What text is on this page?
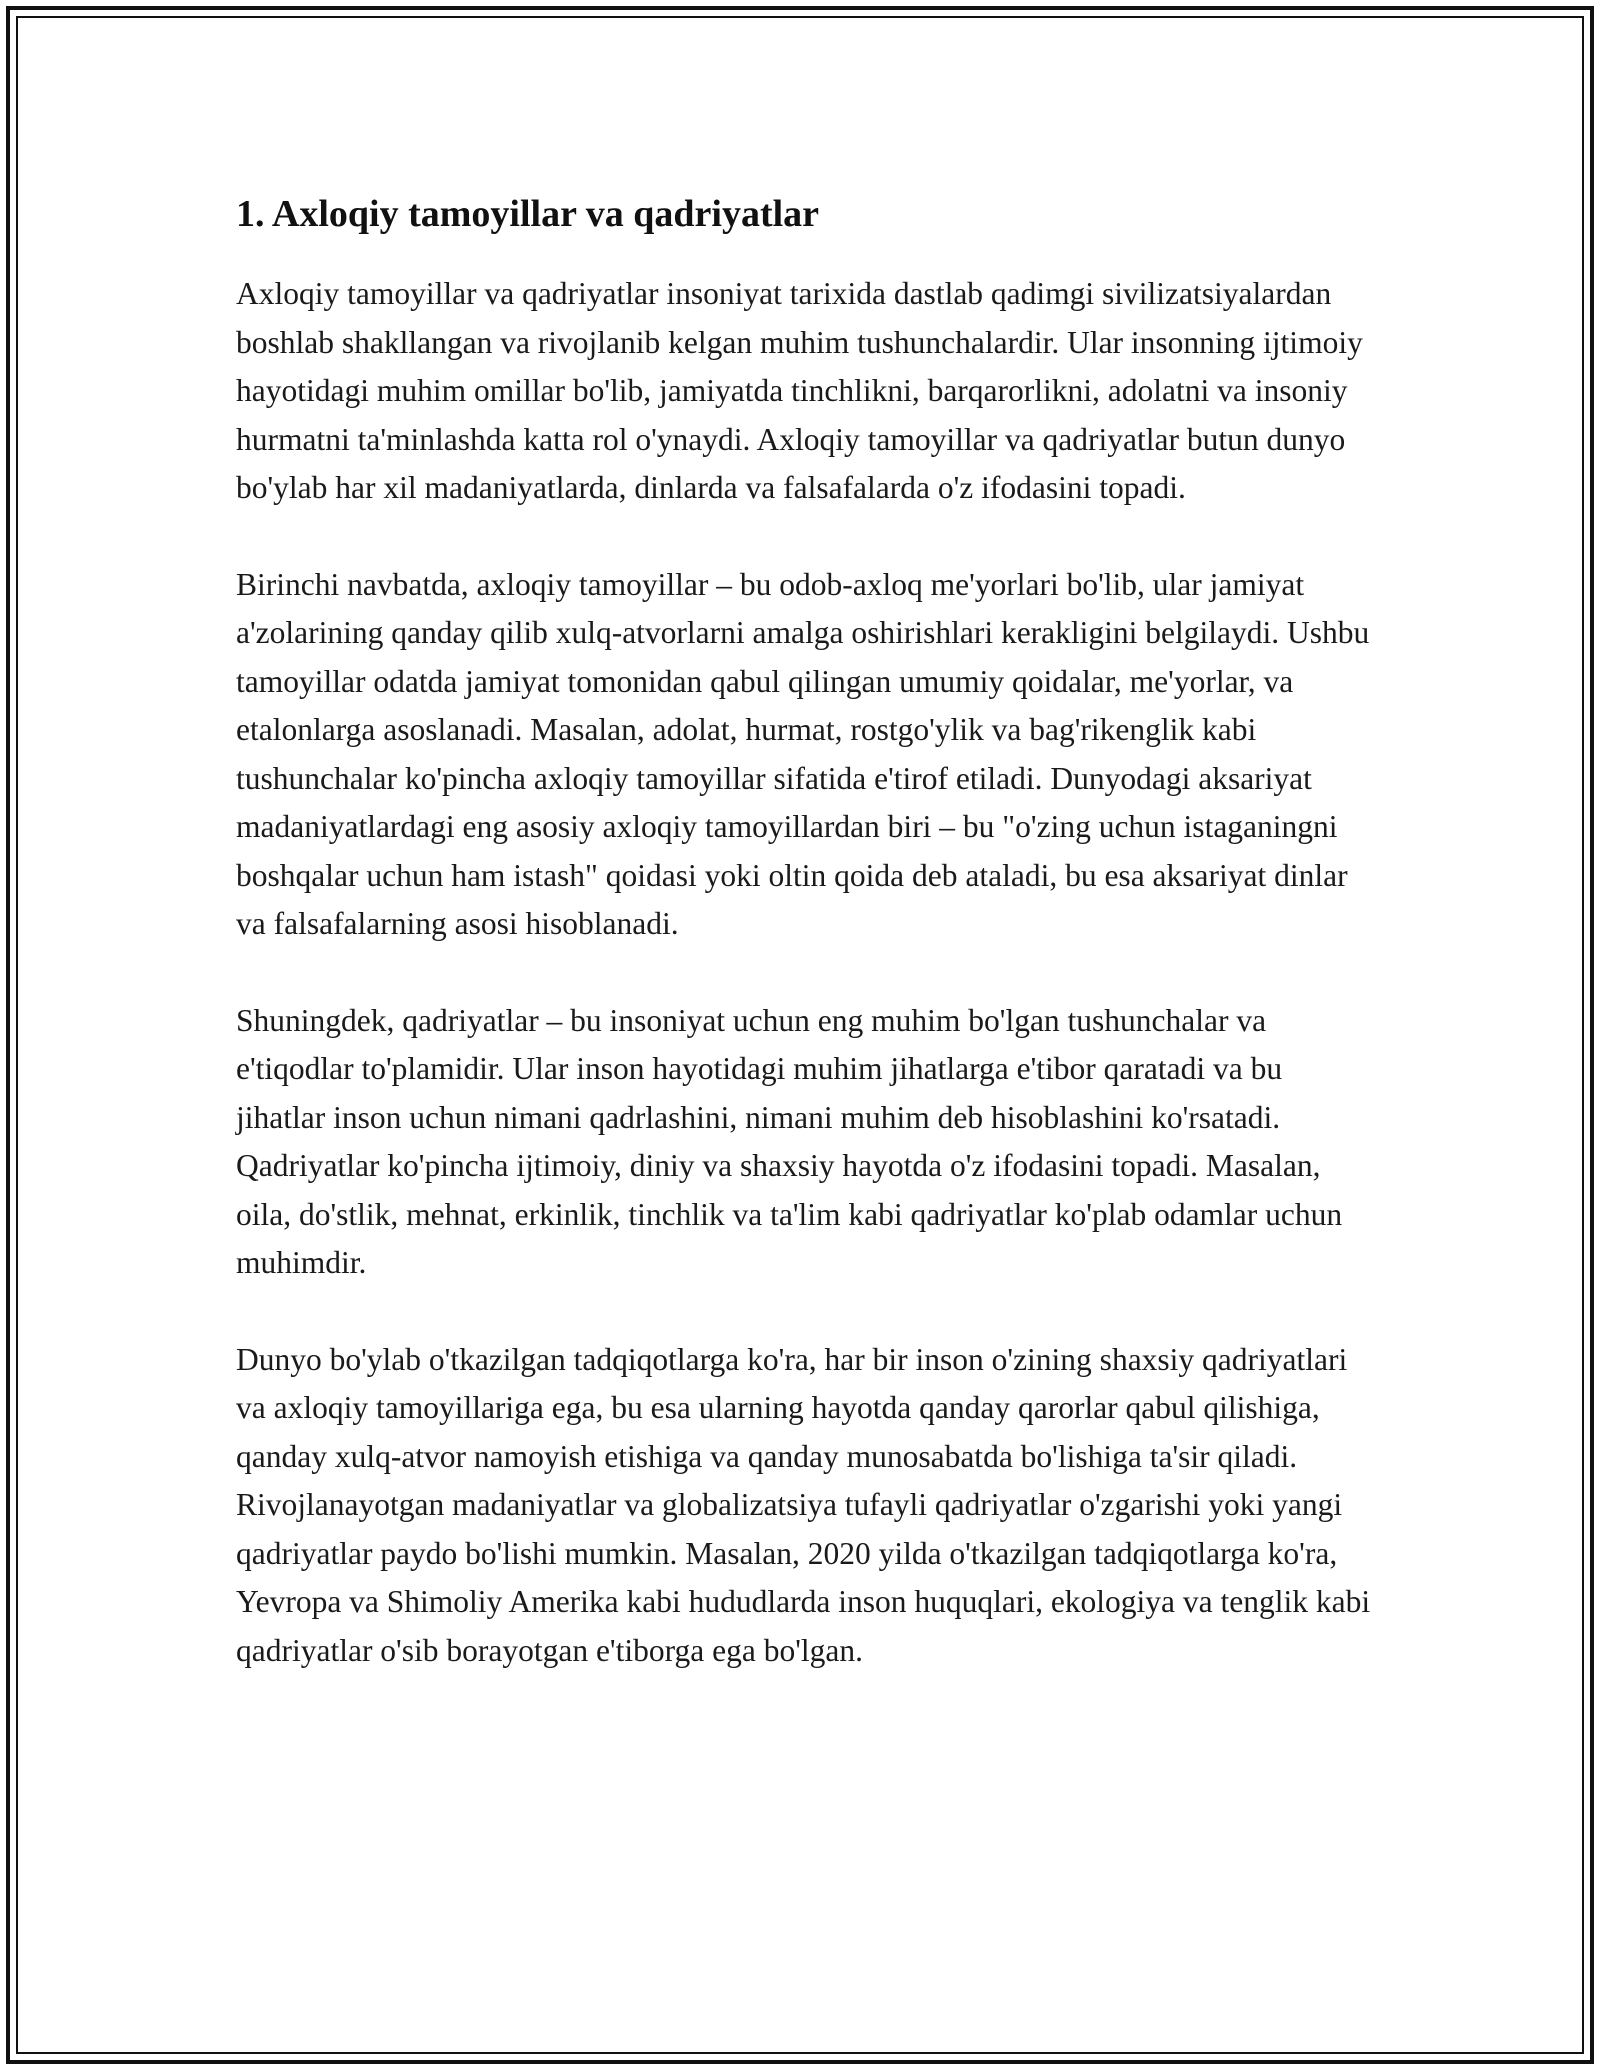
1. Axloqiy tamoyillar va qadriyatlar

Axloqiy tamoyillar va qadriyatlar insoniyat tarixida dastlab qadimgi sivilizatsiyalardan boshlab shakllangan va rivojlanib kelgan muhim tushunchalardir. Ular insonning ijtimoiy hayotidagi muhim omillar bo'lib, jamiyatda tinchlikni, barqarorlikni, adolatni va insoniy hurmatni ta'minlashda katta rol o'ynaydi. Axloqiy tamoyillar va qadriyatlar butun dunyo bo'ylab har xil madaniyatlarda, dinlarda va falsafalarda o'z ifodasini topadi.

Birinchi navbatda, axloqiy tamoyillar – bu odob-axloq me'yorlari bo'lib, ular jamiyat a'zolarining qanday qilib xulq-atvorlarni amalga oshirishlari kerakligini belgilaydi. Ushbu tamoyillar odatda jamiyat tomonidan qabul qilingan umumiy qoidalar, me'yorlar, va etalonlarga asoslanadi. Masalan, adolat, hurmat, rostgo'ylik va bag'rikenglik kabi tushunchalar ko'pincha axloqiy tamoyillar sifatida e'tirof etiladi. Dunyodagi aksariyat madaniyatlardagi eng asosiy axloqiy tamoyillardan biri – bu "o'zing uchun istaganingni boshqalar uchun ham istash" qoidasi yoki oltin qoida deb ataladi, bu esa aksariyat dinlar va falsafalarning asosi hisoblanadi.

Shuningdek, qadriyatlar – bu insoniyat uchun eng muhim bo'lgan tushunchalar va e'tiqodlar to'plamidir. Ular inson hayotidagi muhim jihatlarga e'tibor qaratadi va bu jihatlar inson uchun nimani qadrlashini, nimani muhim deb hisoblashini ko'rsatadi. Qadriyatlar ko'pincha ijtimoiy, diniy va shaxsiy hayotda o'z ifodasini topadi. Masalan, oila, do'stlik, mehnat, erkinlik, tinchlik va ta'lim kabi qadriyatlar ko'plab odamlar uchun muhimdir.

Dunyo bo'ylab o'tkazilgan tadqiqotlarga ko'ra, har bir inson o'zining shaxsiy qadriyatlari va axloqiy tamoyillariga ega, bu esa ularning hayotda qanday qarorlar qabul qilishiga, qanday xulq-atvor namoyish etishiga va qanday munosabatda bo'lishiga ta'sir qiladi. Rivojlanayotgan madaniyatlar va globalizatsiya tufayli qadriyatlar o'zgarishi yoki yangi qadriyatlar paydo bo'lishi mumkin. Masalan, 2020 yilda o'tkazilgan tadqiqotlarga ko'ra, Yevropa va Shimoliy Amerika kabi hududlarda inson huquqlari, ekologiya va tenglik kabi qadriyatlar o'sib borayotgan e'tiborga ega bo'lgan.
